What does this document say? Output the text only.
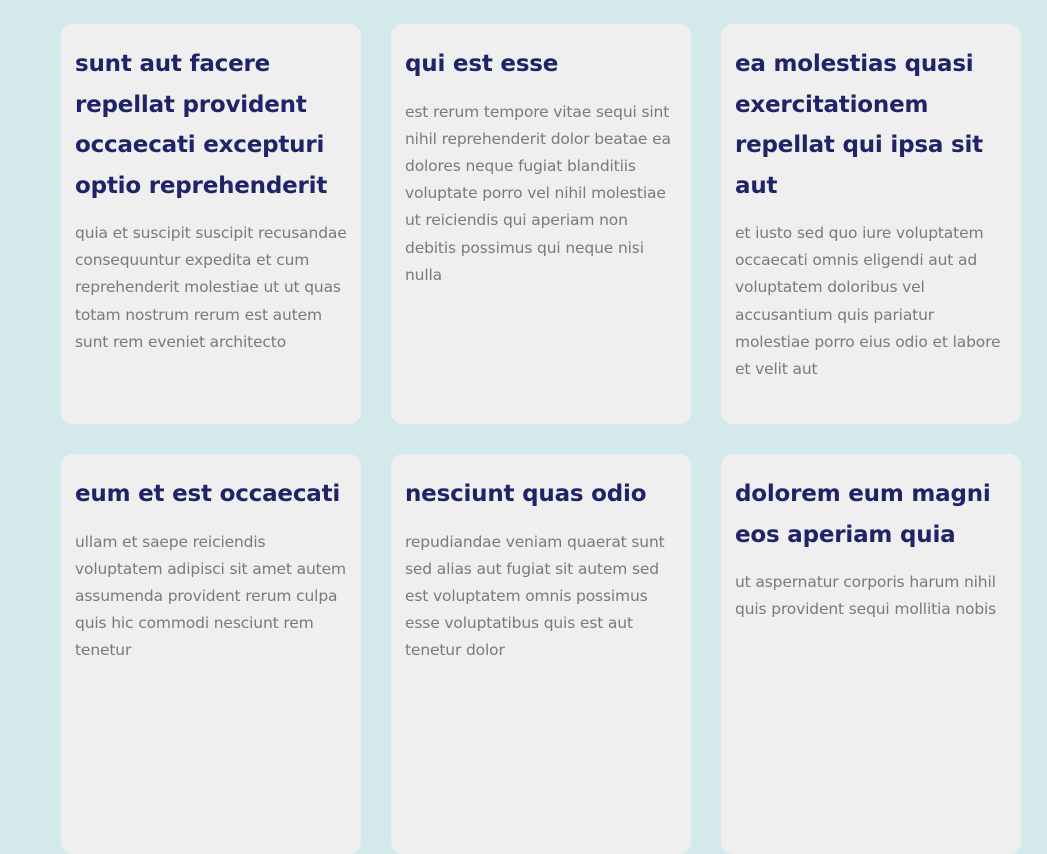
sunt aut facere repellat provident occaecati excepturi optio reprehenderit

quia et suscipit suscipit recusandae consequuntur expedita et cum reprehenderit molestiae ut ut quas totam nostrum rerum est autem sunt rem eveniet architecto

qui est esse

est rerum tempore vitae sequi sint nihil reprehenderit dolor beatae ea dolores neque fugiat blanditiis voluptate porro vel nihil molestiae ut reiciendis qui aperiam non debitis possimus qui neque nisi nulla

ea molestias quasi exercitationem repellat qui ipsa sit aut

et iusto sed quo iure voluptatem occaecati omnis eligendi aut ad voluptatem doloribus vel accusantium quis pariatur molestiae porro eius odio et labore et velit aut

eum et est occaecati

ullam et saepe reiciendis voluptatem adipisci sit amet autem assumenda provident rerum culpa quis hic commodi nesciunt rem tenetur

nesciunt quas odio

repudiandae veniam quaerat sunt sed alias aut fugiat sit autem sed est voluptatem omnis possimus esse voluptatibus quis est aut tenetur dolor

dolorem eum magni eos aperiam quia

ut aspernatur corporis harum nihil quis provident sequi mollitia nobis
